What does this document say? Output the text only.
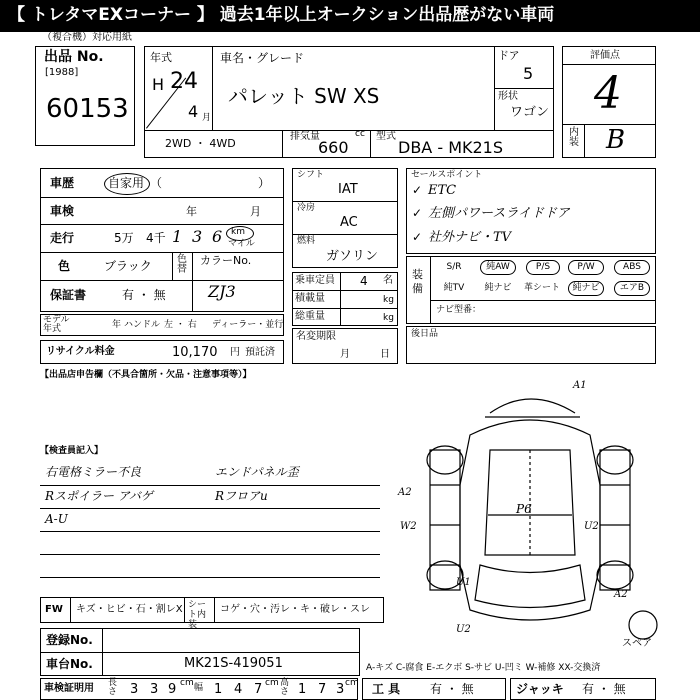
【 トレタマEXコーナー 】 過去1年以上オークション出品歴がない車両
（複合機）対応用紙
出品 No.
[1988]
60153
年式
H 24
4 月
車名・グレード
パレット SW XS
ドア
5
形状
ワゴン
2WD ・ 4WD
排気量	cc
660
型式
DBA - MK21S
評価点
4
内装 B
車歴	自家用 （　　　　　　　　）
車検	年	月
走行	5万 4千 1 3 6 km
マイル
色	ブラック	色替
カラーNo.
ZJ3
保証書	有 ・ 無
モデル年式	年 ハンドル 左 ・ 右 ディーラー・並行
リサイクル料金	10,170 円 預託済
シフト
IAT
冷房
AC
燃料
ガソリン
乗車定員 4 名
積載量	kg
総重量	kg
名変期限
月	日
セールスポイント
ETC
左側パワースライドドア
社外ナビ・TV
✓
✓
✓
装備
S/R	純AW	P/S	P/W	ABS
純TV	純ナビ	革シート	純ナビ	エアB
ナビ型番：
後日品
【出品店申告欄（不具合箇所・欠品・注意事項等）】
【検査員記入】
右電格ミラー不良
Rスポイラー アバゲ
A-U
エンドパネル歪
Rフロアu
A1
A2
W2
P6
U2
U1
A2
U2
スペア
FW キズ・ヒビ・石・割レX シート内装
コゲ・穴・汚レ・キ・破レ・スレ
登録No.
車台No.	MK21S-419051	A-キズ C-腐食 E-エクボ S-サビ U-凹ミ W-補修 XX-交換済
車検証明用 長さ 3 3 9 cm 幅 1 4 7 cm 高さ 1 7 3 cm 工 具 有 ・ 無	ジャッキ 有 ・ 無
